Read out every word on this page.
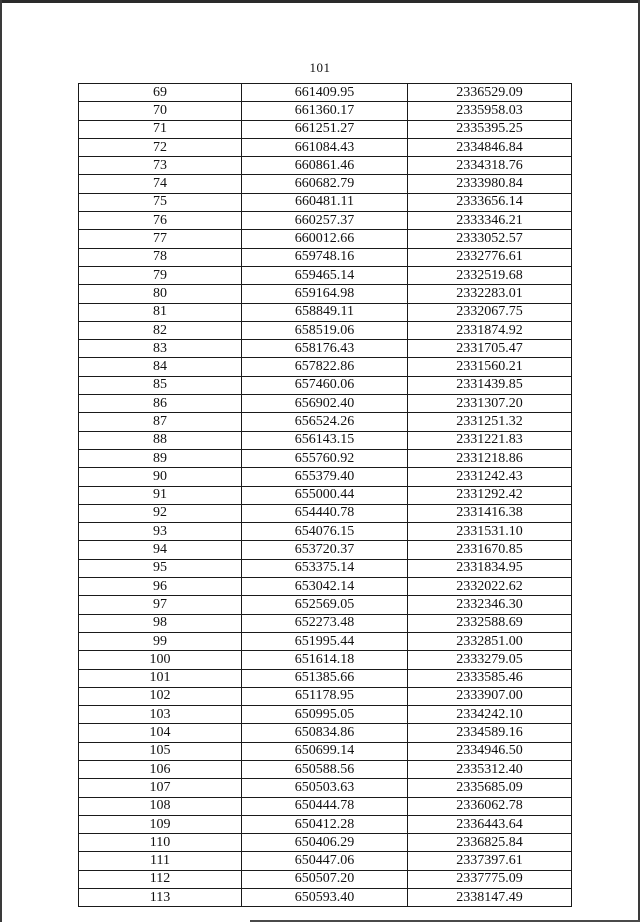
101
69	661409.95	2336529.09
70	661360.17	2335958.03
71	661251.27	2335395.25
72	661084.43	2334846.84
73	660861.46	2334318.76
74	660682.79	2333980.84
75	660481.11	2333656.14
76	660257.37	2333346.21
77	660012.66	2333052.57
78	659748.16	2332776.61
79	659465.14	2332519.68
80	659164.98	2332283.01
81	658849.11	2332067.75
82	658519.06	2331874.92
83	658176.43	2331705.47
84	657822.86	2331560.21
85	657460.06	2331439.85
86	656902.40	2331307.20
87	656524.26	2331251.32
88	656143.15	2331221.83
89	655760.92	2331218.86
90	655379.40	2331242.43
91	655000.44	2331292.42
92	654440.78	2331416.38
93	654076.15	2331531.10
94	653720.37	2331670.85
95	653375.14	2331834.95
96	653042.14	2332022.62
97	652569.05	2332346.30
98	652273.48	2332588.69
99	651995.44	2332851.00
100	651614.18	2333279.05
101	651385.66	2333585.46
102	651178.95	2333907.00
103	650995.05	2334242.10
104	650834.86	2334589.16
105	650699.14	2334946.50
106	650588.56	2335312.40
107	650503.63	2335685.09
108	650444.78	2336062.78
109	650412.28	2336443.64
110	650406.29	2336825.84
111	650447.06	2337397.61
112	650507.20	2337775.09
113	650593.40	2338147.49
